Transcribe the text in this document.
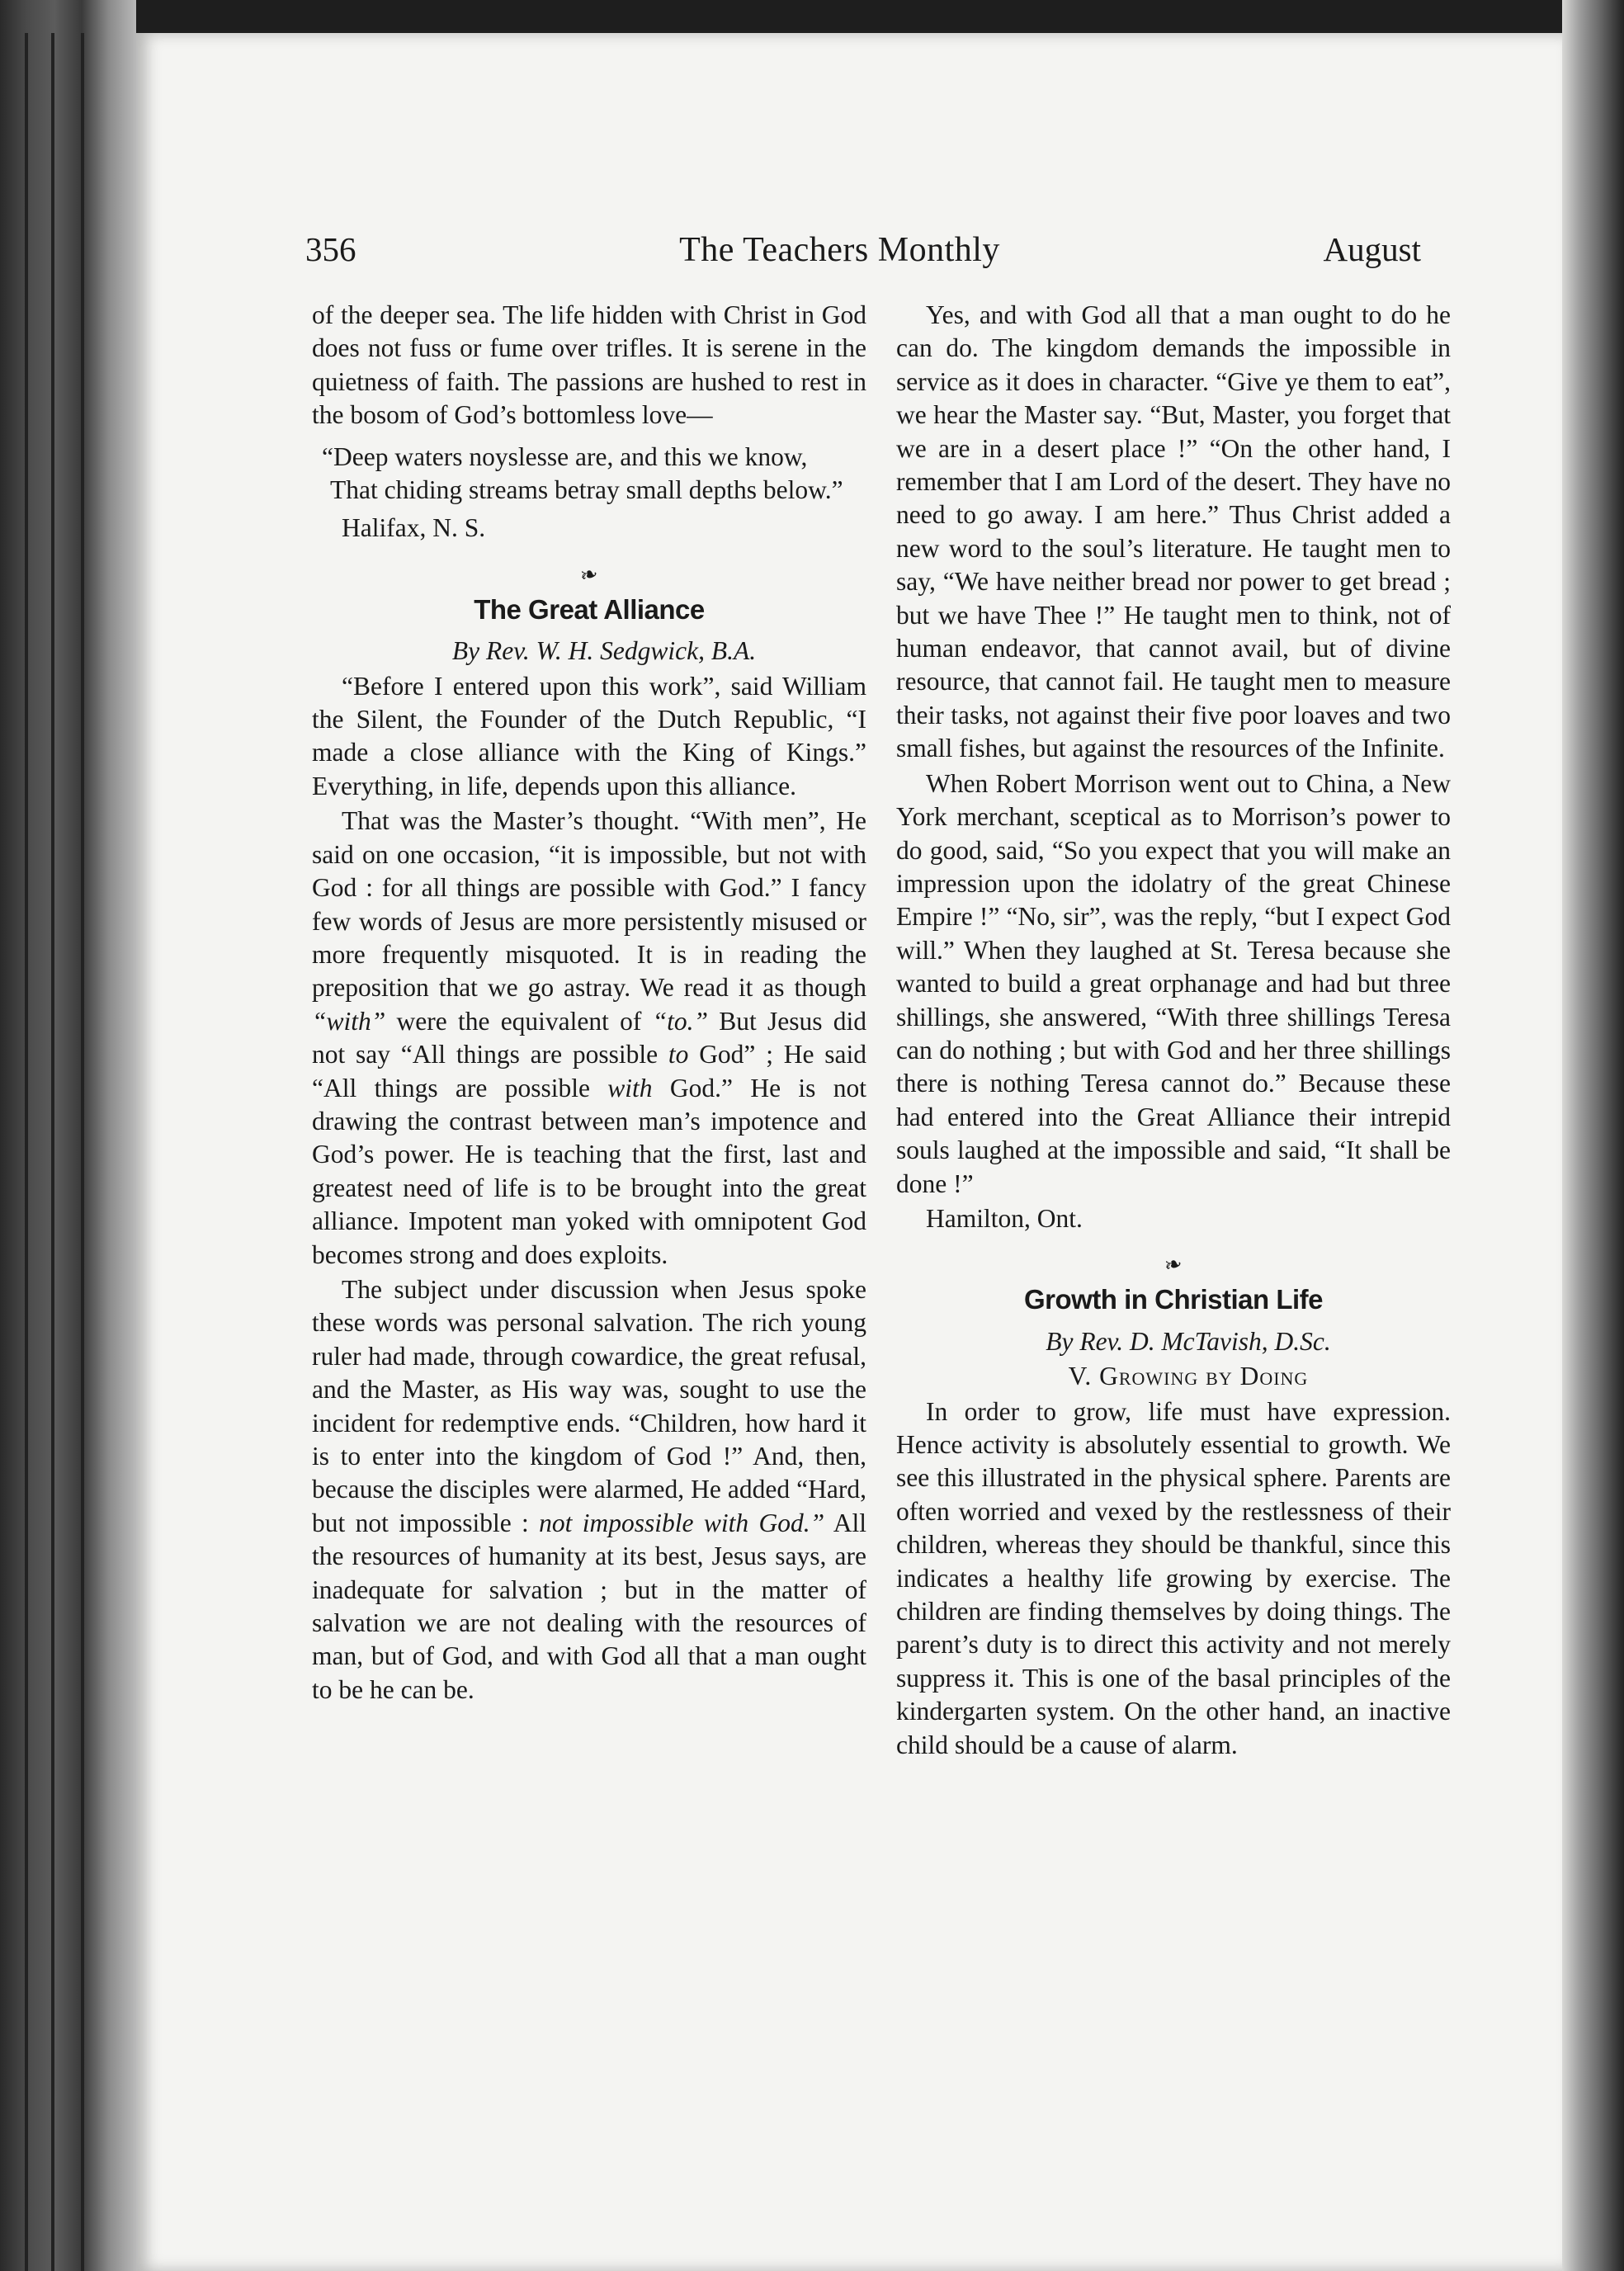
356	The Teachers Monthly	August

of the deeper sea. The life hidden with Christ in God does not fuss or fume over trifles. It is serene in the quietness of faith. The passions are hushed to rest in the bosom of God’s bottomless love—

“Deep waters noyslesse are, and this we know,

That chiding streams betray small depths below.”

Halifax, N. S.

❧
The Great Alliance

By Rev. W. H. Sedgwick, B.A.

“Before I entered upon this work”, said William the Silent, the Founder of the Dutch Republic, “I made a close alliance with the King of Kings.” Everything, in life, depends upon this alliance.

That was the Master’s thought. “With men”, He said on one occasion, “it is impossible, but not with God : for all things are possible with God.” I fancy few words of Jesus are more persistently misused or more frequently misquoted. It is in reading the preposition that we go astray. We read it as though “with” were the equivalent of “to.” But Jesus did not say “All things are possible to God” ; He said “All things are possible with God.” He is not drawing the contrast between man’s impotence and God’s power. He is teaching that the first, last and greatest need of life is to be brought into the great alliance. Impotent man yoked with omnipotent God becomes strong and does exploits.

The subject under discussion when Jesus spoke these words was personal salvation. The rich young ruler had made, through cowardice, the great refusal, and the Master, as His way was, sought to use the incident for redemptive ends. “Children, how hard it is to enter into the kingdom of God !” And, then, because the disciples were alarmed, He added “Hard, but not impossible : not impossible with God.” All the resources of humanity at its best, Jesus says, are inadequate for salvation ; but in the matter of salvation we are not dealing with the resources of man, but of God, and with God all that a man ought to be he can be.

Yes, and with God all that a man ought to do he can do. The kingdom demands the impossible in service as it does in character. “Give ye them to eat”, we hear the Master say. “But, Master, you forget that we are in a desert place !” “On the other hand, I remember that I am Lord of the desert. They have no need to go away. I am here.” Thus Christ added a new word to the soul’s literature. He taught men to say, “We have neither bread nor power to get bread ; but we have Thee !” He taught men to think, not of human endeavor, that cannot avail, but of divine resource, that cannot fail. He taught men to measure their tasks, not against their five poor loaves and two small fishes, but against the resources of the Infinite.

When Robert Morrison went out to China, a New York merchant, sceptical as to Morrison’s power to do good, said, “So you expect that you will make an impression upon the idolatry of the great Chinese Empire !” “No, sir”, was the reply, “but I expect God will.” When they laughed at St. Teresa because she wanted to build a great orphanage and had but three shillings, she answered, “With three shillings Teresa can do nothing ; but with God and her three shillings there is nothing Teresa cannot do.” Because these had entered into the Great Alliance their intrepid souls laughed at the impossible and said, “It shall be done !”

Hamilton, Ont.

❧
Growth in Christian Life

By Rev. D. McTavish, D.Sc.

V. Growing by Doing

In order to grow, life must have expression. Hence activity is absolutely essential to growth. We see this illustrated in the physical sphere. Parents are often worried and vexed by the restlessness of their children, whereas they should be thankful, since this indicates a healthy life growing by exercise. The children are finding themselves by doing things. The parent’s duty is to direct this activity and not merely suppress it. This is one of the basal principles of the kindergarten system. On the other hand, an inactive child should be a cause of alarm.
